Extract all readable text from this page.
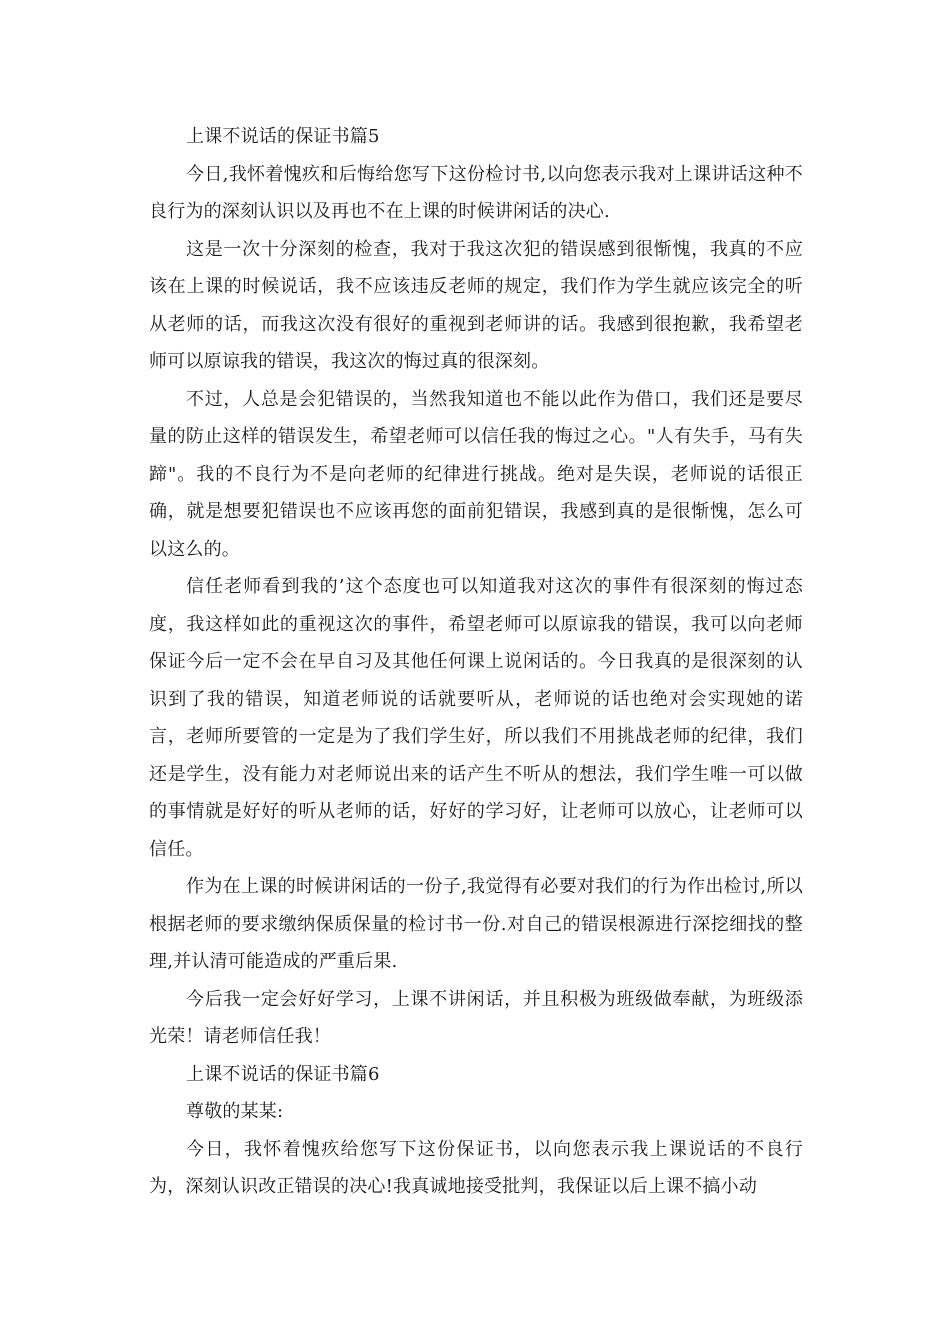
上课不说话的保证书篇5

今日,我怀着愧疚和后悔给您写下这份检讨书,以向您表示我对上课讲话这种不良行为的深刻认识以及再也不在上课的时候讲闲话的决心.

这是一次十分深刻的检查，我对于我这次犯的错误感到很惭愧，我真的不应该在上课的时候说话，我不应该违反老师的规定，我们作为学生就应该完全的听从老师的话，而我这次没有很好的重视到老师讲的话。我感到很抱歉，我希望老师可以原谅我的错误，我这次的悔过真的很深刻。

不过，人总是会犯错误的，当然我知道也不能以此作为借口，我们还是要尽量的防止这样的错误发生，希望老师可以信任我的悔过之心。"人有失手，马有失蹄"。我的不良行为不是向老师的纪律进行挑战。绝对是失误，老师说的话很正确，就是想要犯错误也不应该再您的面前犯错误，我感到真的是很惭愧，怎么可以这么的。

信任老师看到我的’这个态度也可以知道我对这次的事件有很深刻的悔过态度，我这样如此的重视这次的事件，希望老师可以原谅我的错误，我可以向老师保证今后一定不会在早自习及其他任何课上说闲话的。今日我真的是很深刻的认识到了我的错误，知道老师说的话就要听从，老师说的话也绝对会实现她的诺言，老师所要管的一定是为了我们学生好，所以我们不用挑战老师的纪律，我们还是学生，没有能力对老师说出来的话产生不听从的想法，我们学生唯一可以做的事情就是好好的听从老师的话，好好的学习好，让老师可以放心，让老师可以信任。

作为在上课的时候讲闲话的一份子,我觉得有必要对我们的行为作出检讨,所以根据老师的要求缴纳保质保量的检讨书一份.对自己的错误根源进行深挖细找的整理,并认清可能造成的严重后果.

今后我一定会好好学习，上课不讲闲话，并且积极为班级做奉献，为班级添光荣！请老师信任我！

上课不说话的保证书篇6

尊敬的某某:

今日，我怀着愧疚给您写下这份保证书，以向您表示我上课说话的不良行为，深刻认识改正错误的决心!我真诚地接受批判，我保证以后上课不搞小动
